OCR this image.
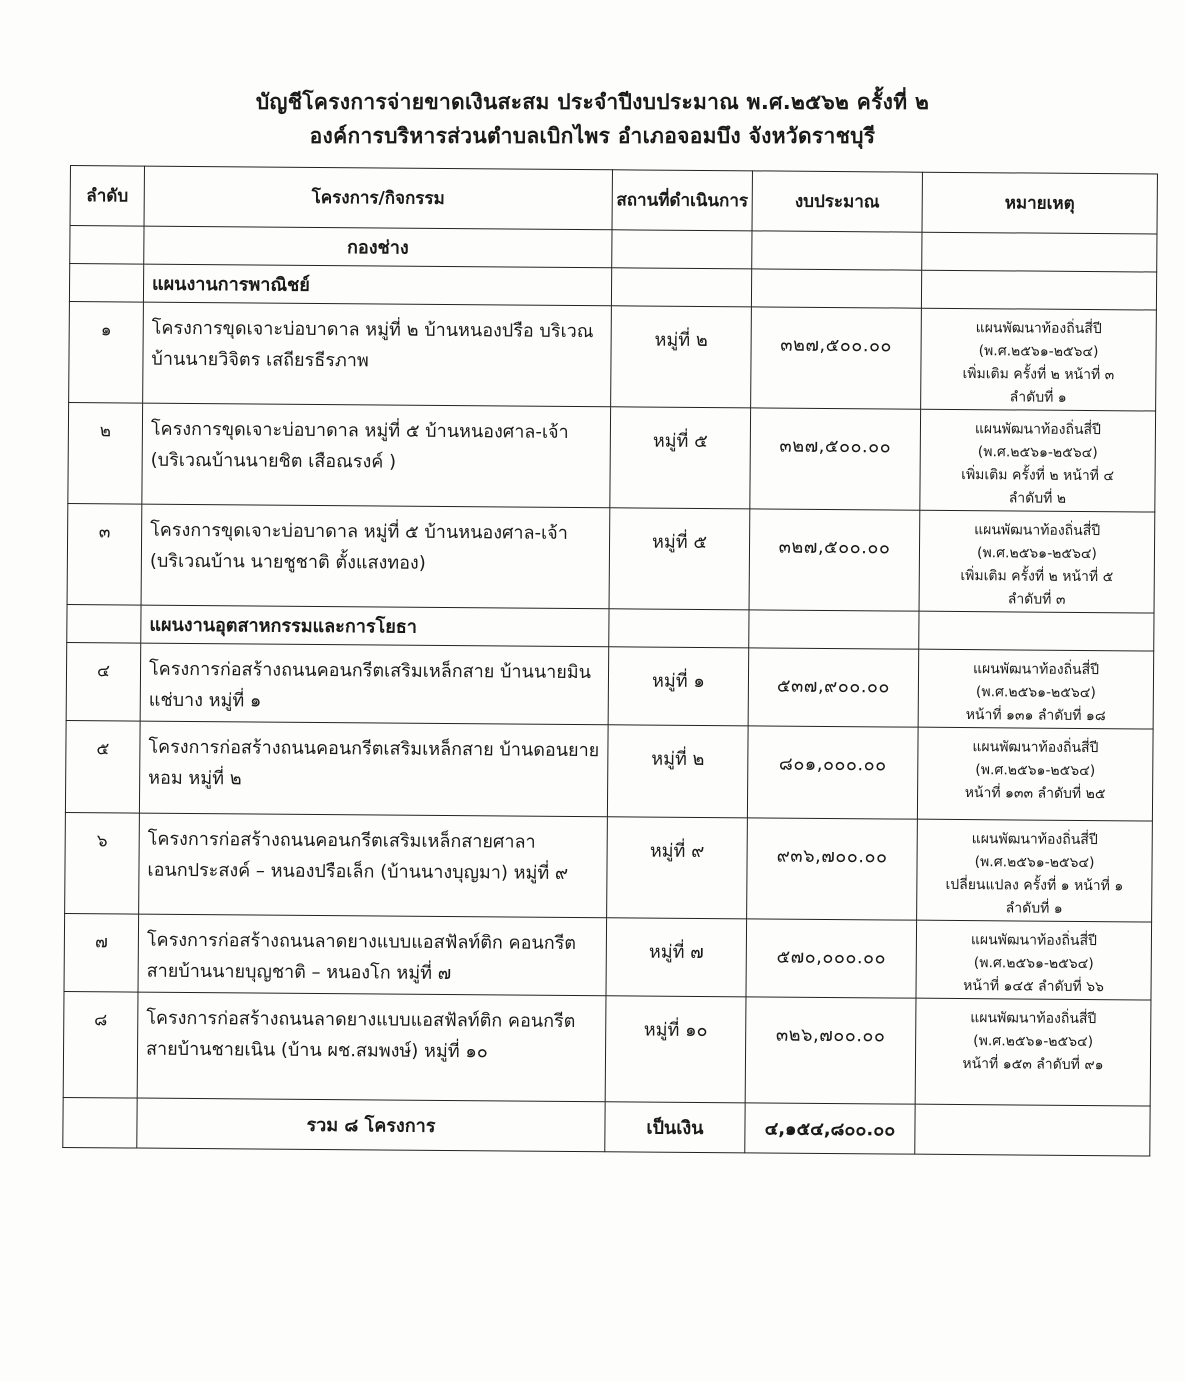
บัญชีโครงการจ่ายขาดเงินสะสม ประจำปีงบประมาณ พ.ศ.๒๕๖๒ ครั้งที่ ๒
องค์การบริหารส่วนตำบลเบิกไพร อำเภอจอมบึง จังหวัดราชบุรี
ลำดับ	โครงการ/กิจกรรม	สถานที่ดำเนินการ	งบประมาณ	หมายเหตุ
	กองช่าง			
	แผนงานการพาณิชย์			
๑	โครงการขุดเจาะบ่อบาดาล หมู่ที่ ๒ บ้านหนองปรือ บริเวณบ้านนายวิจิตร เสถียรธีรภาพ	หมู่ที่ ๒	๓๒๗,๕๐๐.๐๐	แผนพัฒนาท้องถิ่นสี่ปี
(พ.ศ.๒๕๖๑-๒๕๖๔)
เพิ่มเติม ครั้งที่ ๒ หน้าที่ ๓
ลำดับที่ ๑

๒	โครงการขุดเจาะบ่อบาดาล หมู่ที่ ๕ บ้านหนองศาล-เจ้า (บริเวณบ้านนายชิต เสือณรงค์ )	หมู่ที่ ๕	๓๒๗,๕๐๐.๐๐	แผนพัฒนาท้องถิ่นสี่ปี
(พ.ศ.๒๕๖๑-๒๕๖๔)
เพิ่มเติม ครั้งที่ ๒ หน้าที่ ๔
ลำดับที่ ๒

๓	โครงการขุดเจาะบ่อบาดาล หมู่ที่ ๕ บ้านหนองศาล-เจ้า (บริเวณบ้าน นายชูชาติ ตั้งแสงทอง)	หมู่ที่ ๕	๓๒๗,๕๐๐.๐๐	แผนพัฒนาท้องถิ่นสี่ปี
(พ.ศ.๒๕๖๑-๒๕๖๔)
เพิ่มเติม ครั้งที่ ๒ หน้าที่ ๕
ลำดับที่ ๓

	แผนงานอุตสาหกรรมและการโยธา			
๔	โครงการก่อสร้างถนนคอนกรีตเสริมเหล็กสาย บ้านนายมิน แช่บาง หมู่ที่ ๑	หมู่ที่ ๑	๕๓๗,๙๐๐.๐๐	แผนพัฒนาท้องถิ่นสี่ปี
(พ.ศ.๒๕๖๑-๒๕๖๔)
หน้าที่ ๑๓๑ ลำดับที่ ๑๘

๕	โครงการก่อสร้างถนนคอนกรีตเสริมเหล็กสาย บ้านดอนยายหอม หมู่ที่ ๒	หมู่ที่ ๒	๘๐๑,๐๐๐.๐๐	แผนพัฒนาท้องถิ่นสี่ปี
(พ.ศ.๒๕๖๑-๒๕๖๔)
หน้าที่ ๑๓๓ ลำดับที่ ๒๕

๖	โครงการก่อสร้างถนนคอนกรีตเสริมเหล็กสายศาลาเอนกประสงค์ – หนองปรือเล็ก (บ้านนางบุญมา) หมู่ที่ ๙	หมู่ที่ ๙	๙๓๖,๗๐๐.๐๐	แผนพัฒนาท้องถิ่นสี่ปี
(พ.ศ.๒๕๖๑-๒๕๖๔)
เปลี่ยนแปลง ครั้งที่ ๑ หน้าที่ ๑
ลำดับที่ ๑

๗	โครงการก่อสร้างถนนลาดยางแบบแอสฟัลท์ติก คอนกรีต สายบ้านนายบุญชาติ – หนองโก หมู่ที่ ๗	หมู่ที่ ๗	๕๗๐,๐๐๐.๐๐	แผนพัฒนาท้องถิ่นสี่ปี
(พ.ศ.๒๕๖๑-๒๕๖๔)
หน้าที่ ๑๔๕ ลำดับที่ ๖๖

๘	โครงการก่อสร้างถนนลาดยางแบบแอสฟัลท์ติก คอนกรีต สายบ้านชายเนิน (บ้าน ผช.สมพงษ์) หมู่ที่ ๑๐	หมู่ที่ ๑๐	๓๒๖,๗๐๐.๐๐	แผนพัฒนาท้องถิ่นสี่ปี
(พ.ศ.๒๕๖๑-๒๕๖๔)
หน้าที่ ๑๕๓ ลำดับที่ ๙๑

	รวม ๘ โครงการ	เป็นเงิน	๔,๑๕๔,๘๐๐.๐๐	
